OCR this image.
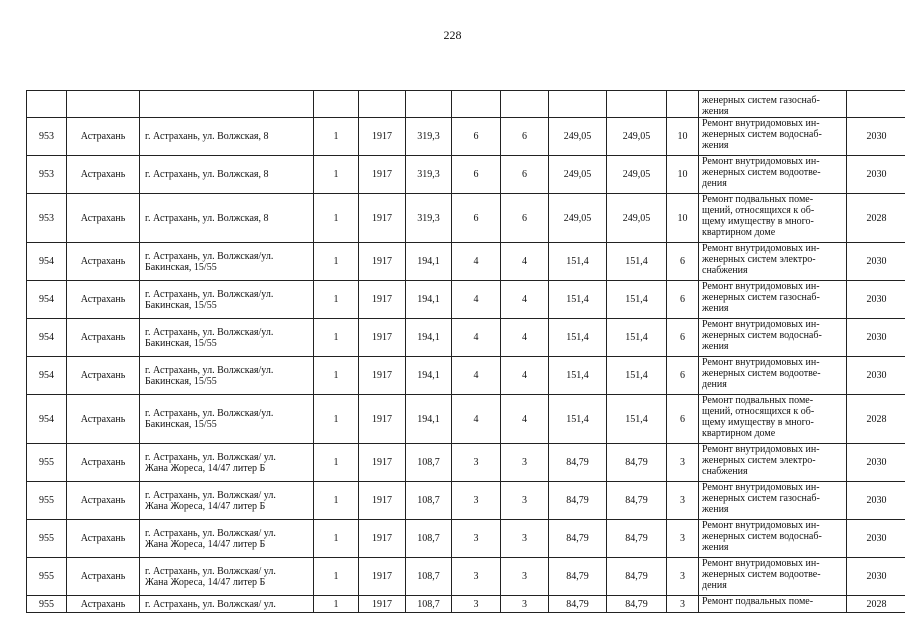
228
											женерных систем газоснаб-
жения	
953	Астрахань	г. Астрахань, ул. Волжская, 8	1	1917	319,3	6	6	249,05	249,05	10	Ремонт внутридомовых ин-
женерных систем водоснаб-
жения	2030
953	Астрахань	г. Астрахань, ул. Волжская, 8	1	1917	319,3	6	6	249,05	249,05	10	Ремонт внутридомовых ин-
женерных систем водоотве-
дения	2030
953	Астрахань	г. Астрахань, ул. Волжская, 8	1	1917	319,3	6	6	249,05	249,05	10	Ремонт подвальных поме-
щений, относящихся к об-
щему имуществу в много-
квартирном доме	2028
954	Астрахань	г. Астрахань, ул. Волжская/ул.
Бакинская, 15/55	1	1917	194,1	4	4	151,4	151,4	6	Ремонт внутридомовых ин-
женерных систем электро-
снабжения	2030
954	Астрахань	г. Астрахань, ул. Волжская/ул.
Бакинская, 15/55	1	1917	194,1	4	4	151,4	151,4	6	Ремонт внутридомовых ин-
женерных систем газоснаб-
жения	2030
954	Астрахань	г. Астрахань, ул. Волжская/ул.
Бакинская, 15/55	1	1917	194,1	4	4	151,4	151,4	6	Ремонт внутридомовых ин-
женерных систем водоснаб-
жения	2030
954	Астрахань	г. Астрахань, ул. Волжская/ул.
Бакинская, 15/55	1	1917	194,1	4	4	151,4	151,4	6	Ремонт внутридомовых ин-
женерных систем водоотве-
дения	2030
954	Астрахань	г. Астрахань, ул. Волжская/ул.
Бакинская, 15/55	1	1917	194,1	4	4	151,4	151,4	6	Ремонт подвальных поме-
щений, относящихся к об-
щему имуществу в много-
квартирном доме	2028
955	Астрахань	г. Астрахань, ул. Волжская/ ул.
Жана Жореса, 14/47 литер Б	1	1917	108,7	3	3	84,79	84,79	3	Ремонт внутридомовых ин-
женерных систем электро-
снабжения	2030
955	Астрахань	г. Астрахань, ул. Волжская/ ул.
Жана Жореса, 14/47 литер Б	1	1917	108,7	3	3	84,79	84,79	3	Ремонт внутридомовых ин-
женерных систем газоснаб-
жения	2030
955	Астрахань	г. Астрахань, ул. Волжская/ ул.
Жана Жореса, 14/47 литер Б	1	1917	108,7	3	3	84,79	84,79	3	Ремонт внутридомовых ин-
женерных систем водоснаб-
жения	2030
955	Астрахань	г. Астрахань, ул. Волжская/ ул.
Жана Жореса, 14/47 литер Б	1	1917	108,7	3	3	84,79	84,79	3	Ремонт внутридомовых ин-
женерных систем водоотве-
дения	2030
955	Астрахань	г. Астрахань, ул. Волжская/ ул.	1	1917	108,7	3	3	84,79	84,79	3	Ремонт подвальных поме-	2028
